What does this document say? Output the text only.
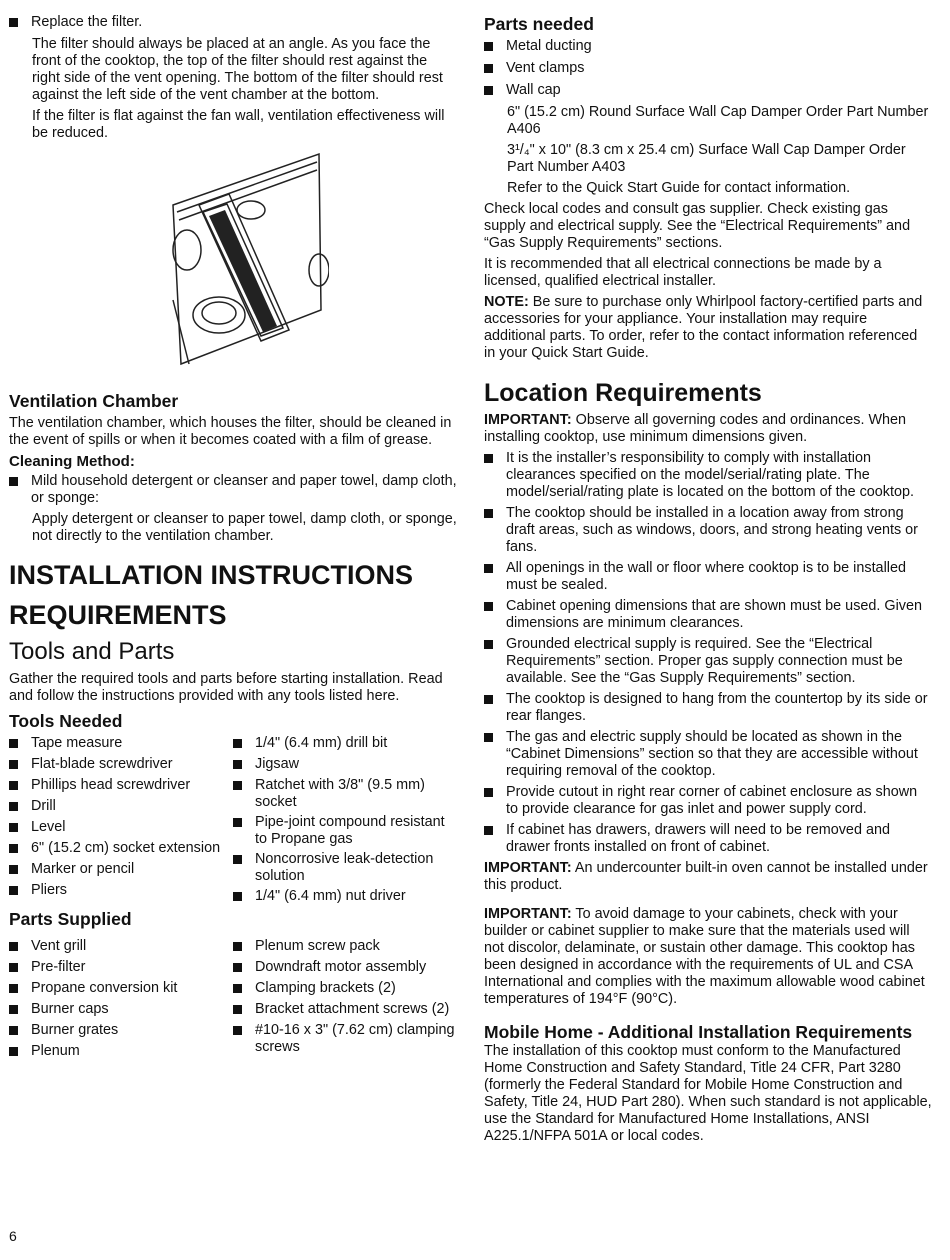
Replace the filter.

The filter should always be placed at an angle. As you face the front of the cooktop, the top of the filter should rest against the right side of the vent opening. The bottom of the filter should rest against the left side of the vent chamber at the bottom.

If the filter is flat against the fan wall, ventilation effectiveness will be reduced.

Ventilation Chamber

The ventilation chamber, which houses the filter, should be cleaned in the event of spills or when it becomes coated with a film of grease.

Cleaning Method:
Mild household detergent or cleanser and paper towel, damp cloth, or sponge:

Apply detergent or cleanser to paper towel, damp cloth, or sponge, not directly to the ventilation chamber.

INSTALLATION INSTRUCTIONS
REQUIREMENTS
Tools and Parts

Gather the required tools and parts before starting installation. Read and follow the instructions provided with any tools listed here.

Tools Needed
Tape measure
Flat-blade screwdriver
Phillips head screwdriver
Drill
Level
6" (15.2 cm) socket extension
Marker or pencil
Pliers
1/4" (6.4 mm) drill bit
Jigsaw
Ratchet with 3/8" (9.5 mm) socket
Pipe-joint compound resistant to Propane gas
Noncorrosive leak-detection solution
1/4" (6.4 mm) nut driver
Parts Supplied
Vent grill
Pre-filter
Propane conversion kit
Burner caps
Burner grates
Plenum
Plenum screw pack
Downdraft motor assembly
Clamping brackets (2)
Bracket attachment screws (2)
#10-16 x 3" (7.62 cm) clamping screws
Parts needed
Metal ducting
Vent clamps
Wall cap

6" (15.2 cm) Round Surface Wall Cap Damper Order Part Number A406

3¹/₄" x 10" (8.3 cm x 25.4 cm) Surface Wall Cap Damper Order Part Number A403

Refer to the Quick Start Guide for contact information.

Check local codes and consult gas supplier. Check existing gas supply and electrical supply. See the “Electrical Requirements” and “Gas Supply Requirements” sections.

It is recommended that all electrical connections be made by a licensed, qualified electrical installer.

NOTE: Be sure to purchase only Whirlpool factory-certified parts and accessories for your appliance. Your installation may require additional parts. To order, refer to the contact information referenced in your Quick Start Guide.

Location Requirements

IMPORTANT: Observe all governing codes and ordinances. When installing cooktop, use minimum dimensions given.

It is the installer’s responsibility to comply with installation clearances specified on the model/serial/rating plate. The model/serial/rating plate is located on the bottom of the cooktop.
The cooktop should be installed in a location away from strong draft areas, such as windows, doors, and strong heating vents or fans.
All openings in the wall or floor where cooktop is to be installed must be sealed.
Cabinet opening dimensions that are shown must be used. Given dimensions are minimum clearances.
Grounded electrical supply is required. See the “Electrical Requirements” section. Proper gas supply connection must be available. See the “Gas Supply Requirements” section.
The cooktop is designed to hang from the countertop by its side or rear flanges.
The gas and electric supply should be located as shown in the “Cabinet Dimensions” section so that they are accessible without requiring removal of the cooktop.
Provide cutout in right rear corner of cabinet enclosure as shown to provide clearance for gas inlet and power supply cord.
If cabinet has drawers, drawers will need to be removed and drawer fronts installed on front of cabinet.

IMPORTANT: An undercounter built-in oven cannot be installed under this product.

IMPORTANT: To avoid damage to your cabinets, check with your builder or cabinet supplier to make sure that the materials used will not discolor, delaminate, or sustain other damage. This cooktop has been designed in accordance with the requirements of UL and CSA International and complies with the maximum allowable wood cabinet temperatures of 194°F (90°C).

Mobile Home - Additional Installation Requirements

The installation of this cooktop must conform to the Manufactured Home Construction and Safety Standard, Title 24 CFR, Part 3280 (formerly the Federal Standard for Mobile Home Construction and Safety, Title 24, HUD Part 280). When such standard is not applicable, use the Standard for Manufactured Home Installations, ANSI A225.1/NFPA 501A or local codes.

6
